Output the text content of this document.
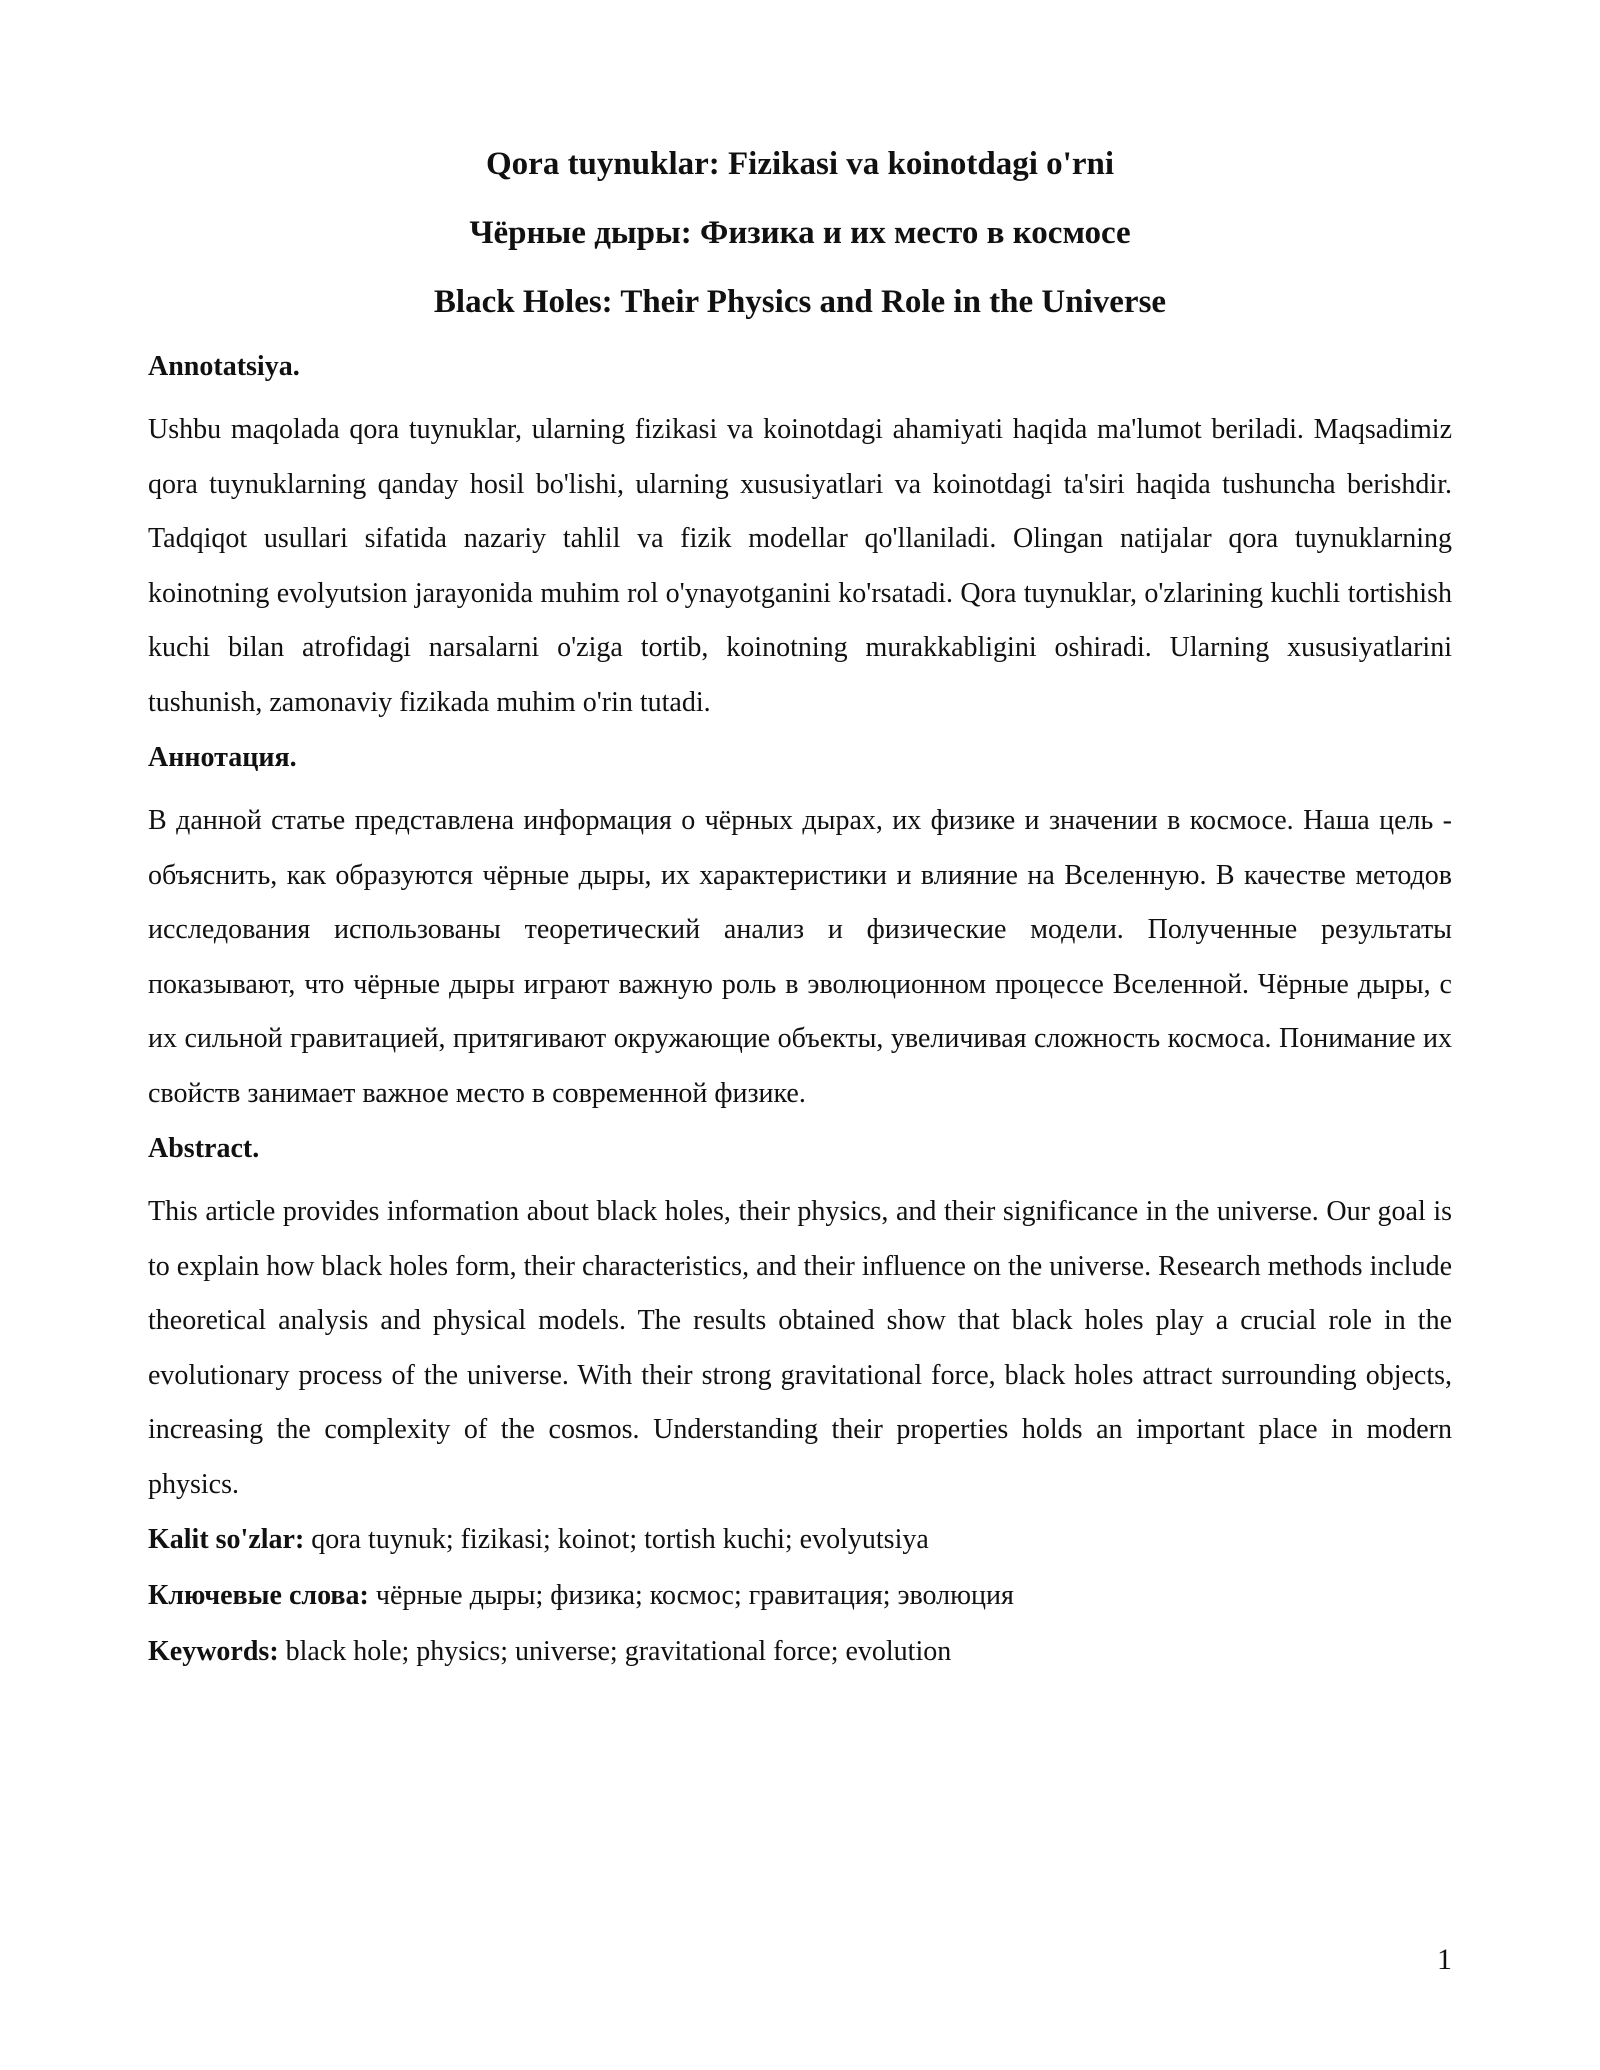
Qora tuynuklar: Fizikasi va koinotdagi o'rni
Чёрные дыры: Физика и их место в космосе
Black Holes: Their Physics and Role in the Universe
Annotatsiya.
Ushbu maqolada qora tuynuklar, ularning fizikasi va koinotdagi ahamiyati haqida ma'lumot beriladi. Maqsadimiz qora tuynuklarning qanday hosil bo'lishi, ularning xususiyatlari va koinotdagi ta'siri haqida tushuncha berishdir. Tadqiqot usullari sifatida nazariy tahlil va fizik modellar qo'llaniladi. Olingan natijalar qora tuynuklarning koinotning evolyutsion jarayonida muhim rol o'ynayotganini ko'rsatadi. Qora tuynuklar, o'zlarining kuchli tortishish kuchi bilan atrofidagi narsalarni o'ziga tortib, koinotning murakkabligini oshiradi. Ularning xususiyatlarini tushunish, zamonaviy fizikada muhim o'rin tutadi.
Аннотация.
В данной статье представлена информация о чёрных дырах, их физике и значении в космосе. Наша цель - объяснить, как образуются чёрные дыры, их характеристики и влияние на Вселенную. В качестве методов исследования использованы теоретический анализ и физические модели. Полученные результаты показывают, что чёрные дыры играют важную роль в эволюционном процессе Вселенной. Чёрные дыры, с их сильной гравитацией, притягивают окружающие объекты, увеличивая сложность космоса. Понимание их свойств занимает важное место в современной физике.
Abstract.
This article provides information about black holes, their physics, and their significance in the universe. Our goal is to explain how black holes form, their characteristics, and their influence on the universe. Research methods include theoretical analysis and physical models. The results obtained show that black holes play a crucial role in the evolutionary process of the universe. With their strong gravitational force, black holes attract surrounding objects, increasing the complexity of the cosmos. Understanding their properties holds an important place in modern physics.
Kalit so'zlar: qora tuynuk; fizikasi; koinot; tortish kuchi; evolyutsiya
Ключевые слова: чёрные дыры; физика; космос; гравитация; эволюция
Keywords: black hole; physics; universe; gravitational force; evolution
1
